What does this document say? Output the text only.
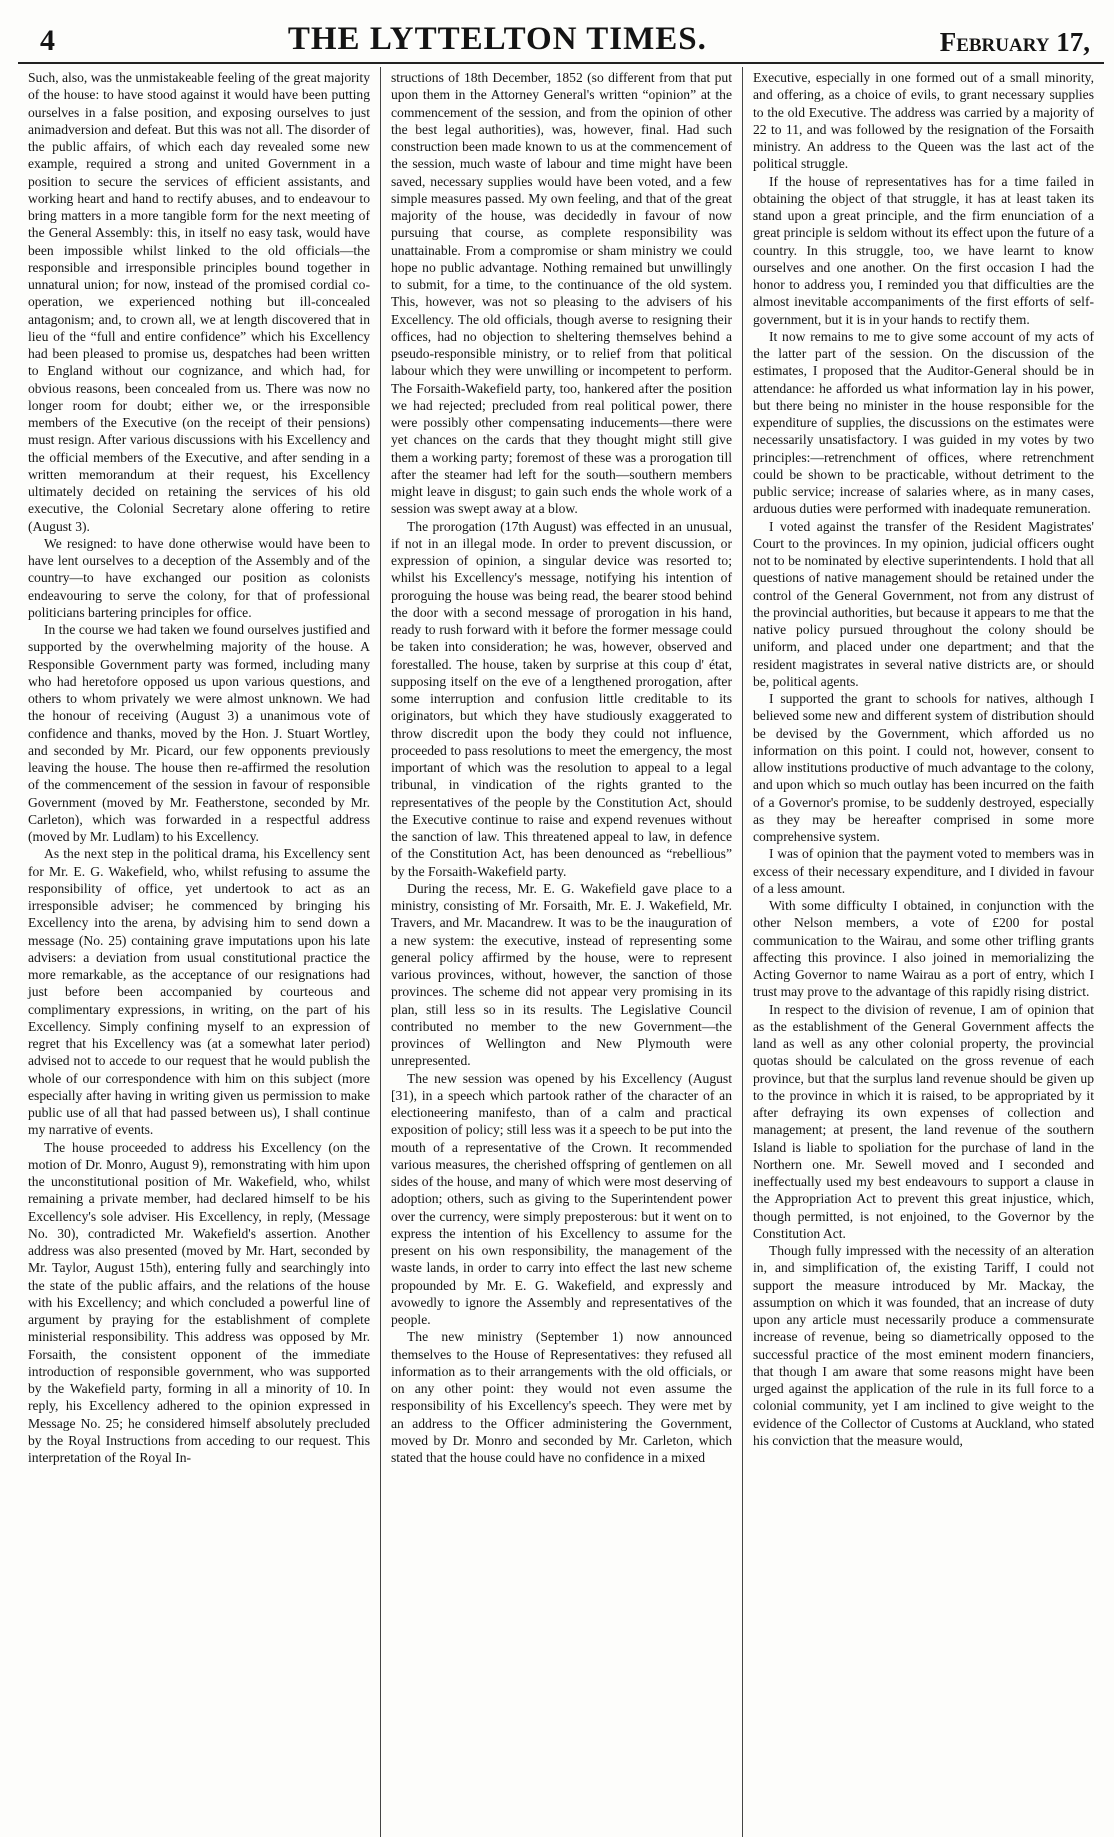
4	THE LYTTELTON TIMES.	February 17,

Such, also, was the unmistakeable feeling of the great majority of the house: to have stood against it would have been putting ourselves in a false position, and exposing ourselves to just animadversion and defeat. But this was not all. The disorder of the public affairs, of which each day revealed some new example, required a strong and united Government in a position to secure the services of efficient assistants, and working heart and hand to rectify abuses, and to endeavour to bring matters in a more tangible form for the next meeting of the General Assembly: this, in itself no easy task, would have been impossible whilst linked to the old officials—the responsible and irresponsible principles bound together in unnatural union; for now, instead of the promised cordial co-operation, we experienced nothing but ill-concealed antagonism; and, to crown all, we at length discovered that in lieu of the “full and entire confidence” which his Excellency had been pleased to promise us, despatches had been written to England without our cognizance, and which had, for obvious reasons, been concealed from us. There was now no longer room for doubt; either we, or the irresponsible members of the Executive (on the receipt of their pensions) must resign. After various discussions with his Excellency and the official members of the Executive, and after sending in a written memorandum at their request, his Excellency ultimately decided on retaining the services of his old executive, the Colonial Secretary alone offering to retire (August 3).

We resigned: to have done otherwise would have been to have lent ourselves to a deception of the Assembly and of the country—to have exchanged our position as colonists endeavouring to serve the colony, for that of professional politicians bartering principles for office.

In the course we had taken we found ourselves justified and supported by the overwhelming majority of the house. A Responsible Government party was formed, including many who had heretofore opposed us upon various questions, and others to whom privately we were almost unknown. We had the honour of receiving (August 3) a unanimous vote of confidence and thanks, moved by the Hon. J. Stuart Wortley, and seconded by Mr. Picard, our few opponents previously leaving the house. The house then re-affirmed the resolution of the commencement of the session in favour of responsible Government (moved by Mr. Featherstone, seconded by Mr. Carleton), which was forwarded in a respectful address (moved by Mr. Ludlam) to his Excellency.

As the next step in the political drama, his Excellency sent for Mr. E. G. Wakefield, who, whilst refusing to assume the responsibility of office, yet undertook to act as an irresponsible adviser; he commenced by bringing his Excellency into the arena, by advising him to send down a message (No. 25) containing grave imputations upon his late advisers: a deviation from usual constitutional practice the more remarkable, as the acceptance of our resignations had just before been accompanied by courteous and complimentary expressions, in writing, on the part of his Excellency. Simply confining myself to an expression of regret that his Excellency was (at a somewhat later period) advised not to accede to our request that he would publish the whole of our correspondence with him on this subject (more especially after having in writing given us permission to make public use of all that had passed between us), I shall continue my narrative of events.

The house proceeded to address his Excellency (on the motion of Dr. Monro, August 9), remonstrating with him upon the unconstitutional position of Mr. Wakefield, who, whilst remaining a private member, had declared himself to be his Excellency's sole adviser. His Excellency, in reply, (Message No. 30), contradicted Mr. Wakefield's assertion. Another address was also presented (moved by Mr. Hart, seconded by Mr. Taylor, August 15th), entering fully and searchingly into the state of the public affairs, and the relations of the house with his Excellency; and which concluded a powerful line of argument by praying for the establishment of complete ministerial responsibility. This address was opposed by Mr. Forsaith, the consistent opponent of the immediate introduction of responsible government, who was supported by the Wakefield party, forming in all a minority of 10. In reply, his Excellency adhered to the opinion expressed in Message No. 25; he considered himself absolutely precluded by the Royal Instructions from acceding to our request. This interpretation of the Royal In-

structions of 18th December, 1852 (so different from that put upon them in the Attorney General's written “opinion” at the commencement of the session, and from the opinion of other the best legal authorities), was, however, final. Had such construction been made known to us at the commencement of the session, much waste of labour and time might have been saved, necessary supplies would have been voted, and a few simple measures passed. My own feeling, and that of the great majority of the house, was decidedly in favour of now pursuing that course, as complete responsibility was unattainable. From a compromise or sham ministry we could hope no public advantage. Nothing remained but unwillingly to submit, for a time, to the continuance of the old system. This, however, was not so pleasing to the advisers of his Excellency. The old officials, though averse to resigning their offices, had no objection to sheltering themselves behind a pseudo-responsible ministry, or to relief from that political labour which they were unwilling or incompetent to perform. The Forsaith-Wakefield party, too, hankered after the position we had rejected; precluded from real political power, there were possibly other compensating inducements—there were yet chances on the cards that they thought might still give them a working party; foremost of these was a prorogation till after the steamer had left for the south—southern members might leave in disgust; to gain such ends the whole work of a session was swept away at a blow.

The prorogation (17th August) was effected in an unusual, if not in an illegal mode. In order to prevent discussion, or expression of opinion, a singular device was resorted to; whilst his Excellency's message, notifying his intention of proroguing the house was being read, the bearer stood behind the door with a second message of prorogation in his hand, ready to rush forward with it before the former message could be taken into consideration; he was, however, observed and forestalled. The house, taken by surprise at this coup d' état, supposing itself on the eve of a lengthened prorogation, after some interruption and confusion little creditable to its originators, but which they have studiously exaggerated to throw discredit upon the body they could not influence, proceeded to pass resolutions to meet the emergency, the most important of which was the resolution to appeal to a legal tribunal, in vindication of the rights granted to the representatives of the people by the Constitution Act, should the Executive continue to raise and expend revenues without the sanction of law. This threatened appeal to law, in defence of the Constitution Act, has been denounced as “rebellious” by the Forsaith-Wakefield party.

During the recess, Mr. E. G. Wakefield gave place to a ministry, consisting of Mr. Forsaith, Mr. E. J. Wakefield, Mr. Travers, and Mr. Macandrew. It was to be the inauguration of a new system: the executive, instead of representing some general policy affirmed by the house, were to represent various provinces, without, however, the sanction of those provinces. The scheme did not appear very promising in its plan, still less so in its results. The Legislative Council contributed no member to the new Government—the provinces of Wellington and New Plymouth were unrepresented.

The new session was opened by his Excellency (August [31), in a speech which partook rather of the character of an electioneering manifesto, than of a calm and practical exposition of policy; still less was it a speech to be put into the mouth of a representative of the Crown. It recommended various measures, the cherished offspring of gentlemen on all sides of the house, and many of which were most deserving of adoption; others, such as giving to the Superintendent power over the currency, were simply preposterous: but it went on to express the intention of his Excellency to assume for the present on his own responsibility, the management of the waste lands, in order to carry into effect the last new scheme propounded by Mr. E. G. Wakefield, and expressly and avowedly to ignore the Assembly and representatives of the people.

The new ministry (September 1) now announced themselves to the House of Representatives: they refused all information as to their arrangements with the old officials, or on any other point: they would not even assume the responsibility of his Excellency's speech. They were met by an address to the Officer administering the Government, moved by Dr. Monro and seconded by Mr. Carleton, which stated that the house could have no confidence in a mixed

Executive, especially in one formed out of a small minority, and offering, as a choice of evils, to grant necessary supplies to the old Executive. The address was carried by a majority of 22 to 11, and was followed by the resignation of the Forsaith ministry. An address to the Queen was the last act of the political struggle.

If the house of representatives has for a time failed in obtaining the object of that struggle, it has at least taken its stand upon a great principle, and the firm enunciation of a great principle is seldom without its effect upon the future of a country. In this struggle, too, we have learnt to know ourselves and one another. On the first occasion I had the honor to address you, I reminded you that difficulties are the almost inevitable accompaniments of the first efforts of self-government, but it is in your hands to rectify them.

It now remains to me to give some account of my acts of the latter part of the session. On the discussion of the estimates, I proposed that the Auditor-General should be in attendance: he afforded us what information lay in his power, but there being no minister in the house responsible for the expenditure of supplies, the discussions on the estimates were necessarily unsatisfactory. I was guided in my votes by two principles:—retrenchment of offices, where retrenchment could be shown to be practicable, without detriment to the public service; increase of salaries where, as in many cases, arduous duties were performed with inadequate remuneration.

I voted against the transfer of the Resident Magistrates' Court to the provinces. In my opinion, judicial officers ought not to be nominated by elective superintendents. I hold that all questions of native management should be retained under the control of the General Government, not from any distrust of the provincial authorities, but because it appears to me that the native policy pursued throughout the colony should be uniform, and placed under one department; and that the resident magistrates in several native districts are, or should be, political agents.

I supported the grant to schools for natives, although I believed some new and different system of distribution should be devised by the Government, which afforded us no information on this point. I could not, however, consent to allow institutions productive of much advantage to the colony, and upon which so much outlay has been incurred on the faith of a Governor's promise, to be suddenly destroyed, especially as they may be hereafter comprised in some more comprehensive system.

I was of opinion that the payment voted to members was in excess of their necessary expenditure, and I divided in favour of a less amount.

With some difficulty I obtained, in conjunction with the other Nelson members, a vote of £200 for postal communication to the Wairau, and some other trifling grants affecting this province. I also joined in memorializing the Acting Governor to name Wairau as a port of entry, which I trust may prove to the advantage of this rapidly rising district.

In respect to the division of revenue, I am of opinion that as the establishment of the General Government affects the land as well as any other colonial property, the provincial quotas should be calculated on the gross revenue of each province, but that the surplus land revenue should be given up to the province in which it is raised, to be appropriated by it after defraying its own expenses of collection and management; at present, the land revenue of the southern Island is liable to spoliation for the purchase of land in the Northern one. Mr. Sewell moved and I seconded and ineffectually used my best endeavours to support a clause in the Appropriation Act to prevent this great injustice, which, though permitted, is not enjoined, to the Governor by the Constitution Act.

Though fully impressed with the necessity of an alteration in, and simplification of, the existing Tariff, I could not support the measure introduced by Mr. Mackay, the assumption on which it was founded, that an increase of duty upon any article must necessarily produce a commensurate increase of revenue, being so diametrically opposed to the successful practice of the most eminent modern financiers, that though I am aware that some reasons might have been urged against the application of the rule in its full force to a colonial community, yet I am inclined to give weight to the evidence of the Collector of Customs at Auckland, who stated his conviction that the measure would,
